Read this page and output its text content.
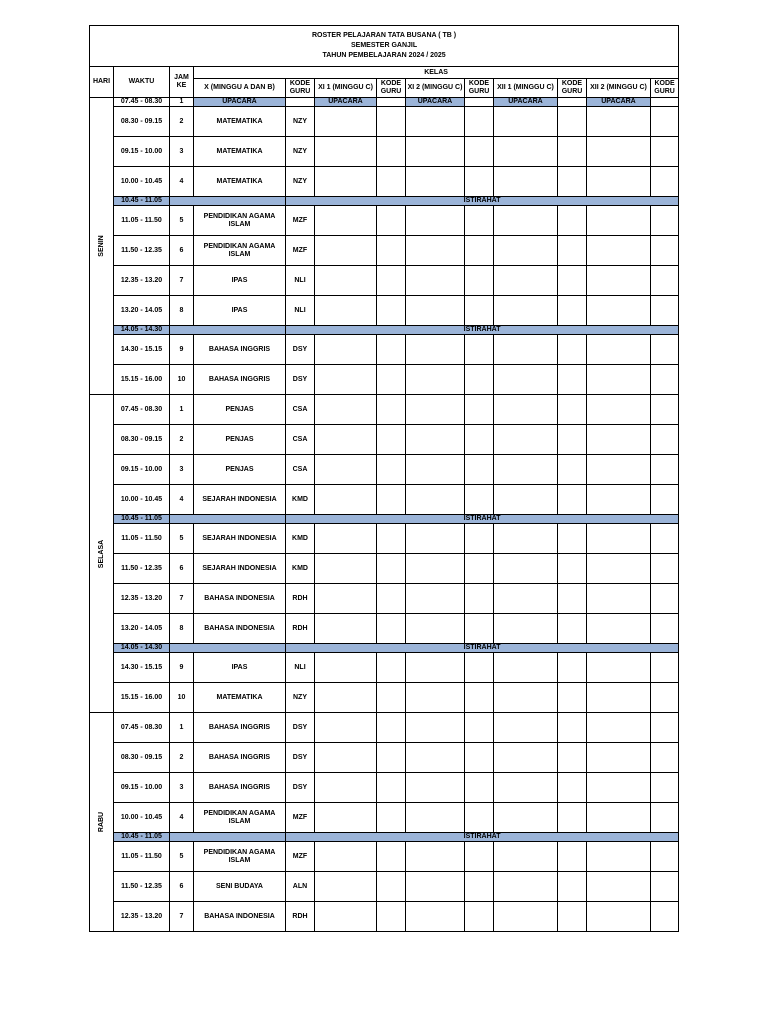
ROSTER PELAJARAN TATA BUSANA ( TB )
SEMESTER GANJIL
TAHUN PEMBELAJARAN 2024 / 2025												

HARI	WAKTU	JAM KE	KELAS									
			X (MINGGU A DAN B)	KODE GURU	XI 1 (MINGGU C)	KODE GURU	XI 2 (MINGGU C)	KODE GURU	XII 1 (MINGGU C)	KODE GURU	XII 2 (MINGGU C)	KODE GURU

SENIN	07.45 - 08.30	1	UPACARA		UPACARA		UPACARA		UPACARA		UPACARA	
	08.30 - 09.15	2	MATEMATIKA	NZY								
	09.15 - 10.00	3	MATEMATIKA	NZY								
	10.00 - 10.45	4	MATEMATIKA	NZY								
	10.45 - 11.05			ISTIRAHAT								
	11.05 - 11.50	5	PENDIDIKAN AGAMA ISLAM	MZF								
	11.50 - 12.35	6	PENDIDIKAN AGAMA ISLAM	MZF								
	12.35 - 13.20	7	IPAS	NLI								
	13.20 - 14.05	8	IPAS	NLI								
	14.05 - 14.30			ISTIRAHAT								
	14.30 - 15.15	9	BAHASA INGGRIS	DSY								
	15.15 - 16.00	10	BAHASA INGGRIS	DSY								

SELASA	07.45 - 08.30	1	PENJAS	CSA								
	08.30 - 09.15	2	PENJAS	CSA								
	09.15 - 10.00	3	PENJAS	CSA								
	10.00 - 10.45	4	SEJARAH INDONESIA	KMD								
	10.45 - 11.05			ISTIRAHAT								
	11.05 - 11.50	5	SEJARAH INDONESIA	KMD								
	11.50 - 12.35	6	SEJARAH INDONESIA	KMD								
	12.35 - 13.20	7	BAHASA INDONESIA	RDH								
	13.20 - 14.05	8	BAHASA INDONESIA	RDH								
	14.05 - 14.30			ISTIRAHAT								
	14.30 - 15.15	9	IPAS	NLI								
	15.15 - 16.00	10	MATEMATIKA	NZY								

RABU	07.45 - 08.30	1	BAHASA INGGRIS	DSY								
	08.30 - 09.15	2	BAHASA INGGRIS	DSY								
	09.15 - 10.00	3	BAHASA INGGRIS	DSY								
	10.00 - 10.45	4	PENDIDIKAN AGAMA ISLAM	MZF								
	10.45 - 11.05			ISTIRAHAT								
	11.05 - 11.50	5	PENDIDIKAN AGAMA ISLAM	MZF								
	11.50 - 12.35	6	SENI BUDAYA	ALN								
	12.35 - 13.20	7	BAHASA INDONESIA	RDH								
